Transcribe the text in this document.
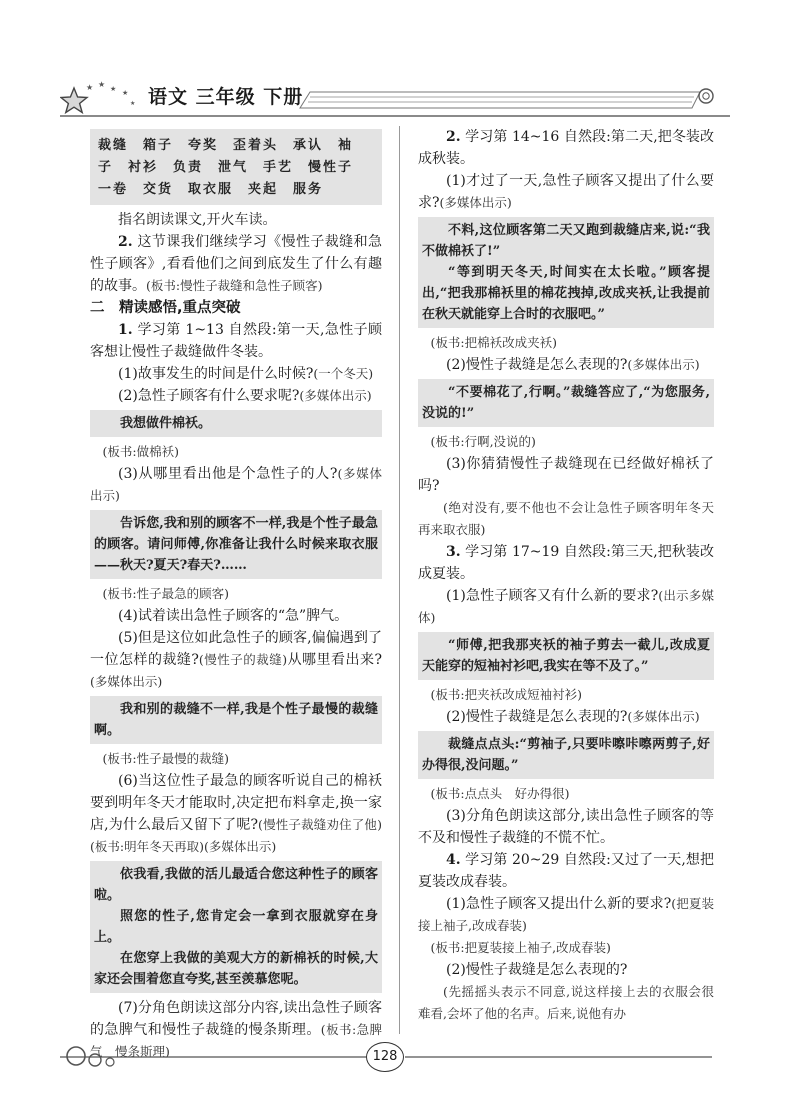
★ ★ ★ ★
★ 语文 三年级 下册
裁缝　箱子　夸奖　歪着头　承认　袖
子　衬衫　负责　泄气　手艺　慢性子
一卷　交货　取衣服　夹起　服务

指名朗读课文,开火车读。

2. 这节课我们继续学习《慢性子裁缝和急性子顾客》,看看他们之间到底发生了什么有趣的故事。(板书:慢性子裁缝和急性子顾客)

二　精读感悟,重点突破

1. 学习第 1~13 自然段:第一天,急性子顾客想让慢性子裁缝做件冬装。

(1)故事发生的时间是什么时候?(一个冬天)

(2)急性子顾客有什么要求呢?(多媒体出示)

我想做件棉袄。

(板书:做棉袄)

(3)从哪里看出他是个急性子的人?(多媒体出示)

告诉您,我和别的顾客不一样,我是个性子最急的顾客。请问师傅,你准备让我什么时候来取衣服——秋天?夏天?春天?……

(板书:性子最急的顾客)

(4)试着读出急性子顾客的“急”脾气。

(5)但是这位如此急性子的顾客,偏偏遇到了一位怎样的裁缝?(慢性子的裁缝)从哪里看出来?(多媒体出示)

我和别的裁缝不一样,我是个性子最慢的裁缝啊。

(板书:性子最慢的裁缝)

(6)当这位性子最急的顾客听说自己的棉袄要到明年冬天才能取时,决定把布料拿走,换一家店,为什么最后又留下了呢?(慢性子裁缝劝住了他)(板书:明年冬天再取)(多媒体出示)

依我看,我做的活儿最适合您这种性子的顾客啦。

照您的性子,您肯定会一拿到衣服就穿在身上。

在您穿上我做的美观大方的新棉袄的时候,大家还会围着您直夸奖,甚至羡慕您呢。

(7)分角色朗读这部分内容,读出急性子顾客的急脾气和慢性子裁缝的慢条斯理。(板书:急脾气　慢条斯理)

2. 学习第 14~16 自然段:第二天,把冬装改成秋装。

(1)才过了一天,急性子顾客又提出了什么要求?(多媒体出示)

不料,这位顾客第二天又跑到裁缝店来,说:“我不做棉袄了!”

“等到明天冬天,时间实在太长啦。”顾客提出,“把我那棉袄里的棉花拽掉,改成夹袄,让我提前在秋天就能穿上合时的衣服吧。”

(板书:把棉袄改成夹袄)

(2)慢性子裁缝是怎么表现的?(多媒体出示)

“不要棉花了,行啊。”裁缝答应了,“为您服务,没说的!”

(板书:行啊,没说的)

(3)你猜猜慢性子裁缝现在已经做好棉袄了吗?

(绝对没有,要不他也不会让急性子顾客明年冬天再来取衣服)

3. 学习第 17~19 自然段:第三天,把秋装改成夏装。

(1)急性子顾客又有什么新的要求?(出示多媒体)

“师傅,把我那夹袄的袖子剪去一截儿,改成夏天能穿的短袖衬衫吧,我实在等不及了。”

(板书:把夹袄改成短袖衬衫)

(2)慢性子裁缝是怎么表现的?(多媒体出示)

裁缝点点头:“剪袖子,只要咔嚓咔嚓两剪子,好办得很,没问题。”

(板书:点点头　好办得很)

(3)分角色朗读这部分,读出急性子顾客的等不及和慢性子裁缝的不慌不忙。

4. 学习第 20~29 自然段:又过了一天,想把夏装改成春装。

(1)急性子顾客又提出什么新的要求?(把夏装接上袖子,改成春装)

(板书:把夏装接上袖子,改成春装)

(2)慢性子裁缝是怎么表现的?

(先摇摇头表示不同意,说这样接上去的衣服会很难看,会坏了他的名声。后来,说他有办

128
